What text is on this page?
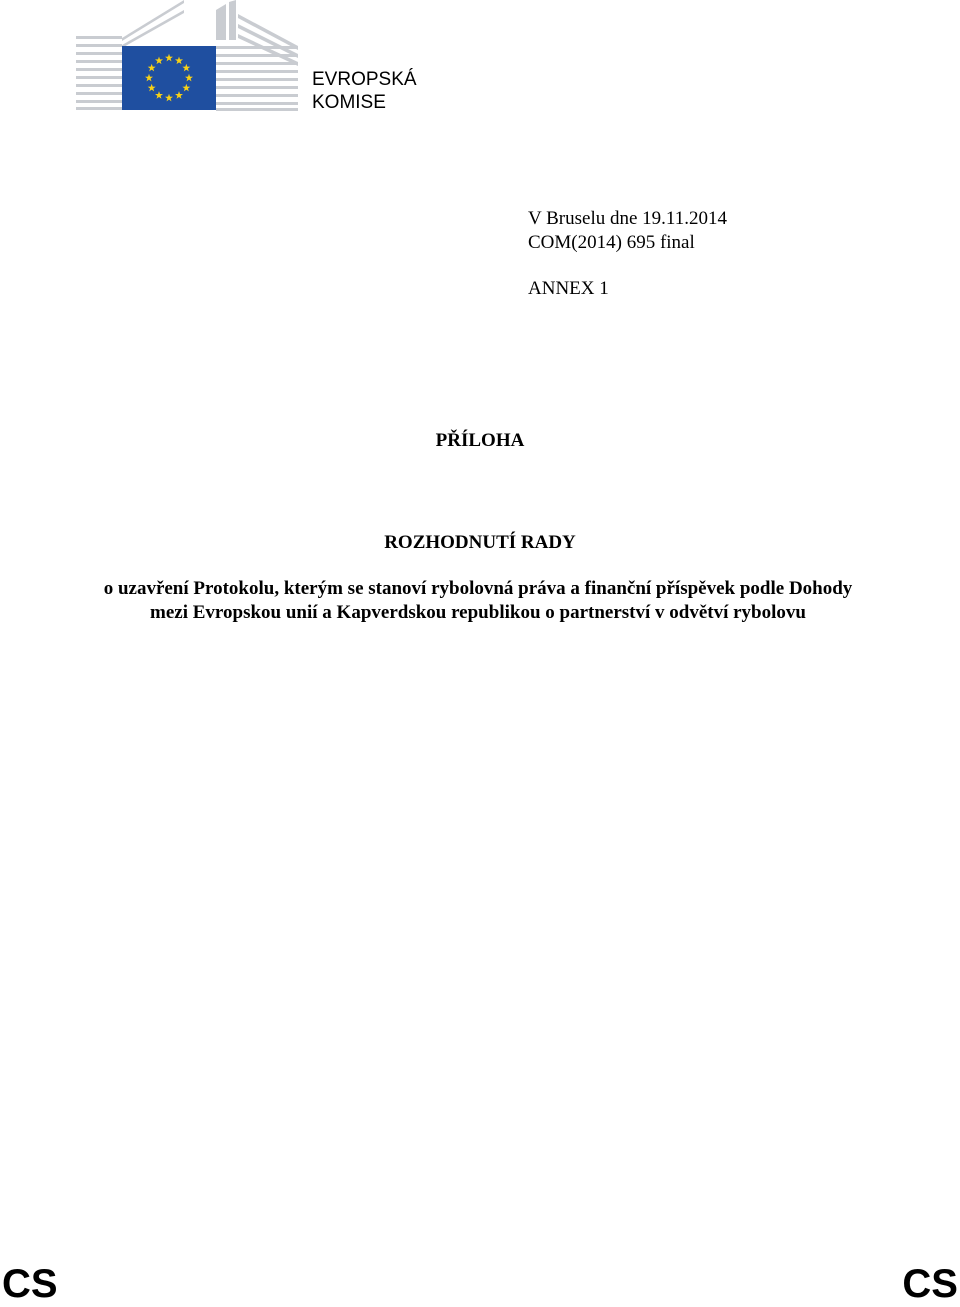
EVROPSKÁ
KOMISE
V Bruselu dne 19.11.2014
COM(2014) 695 final
ANNEX 1

PŘÍLOHA

ROZHODNUTÍ RADY

o uzavření Protokolu, kterým se stanoví rybolovná práva a finanční příspěvek podle Dohody mezi Evropskou unií a Kapverdskou republikou o partnerství v odvětví rybolovu

CS	CS
